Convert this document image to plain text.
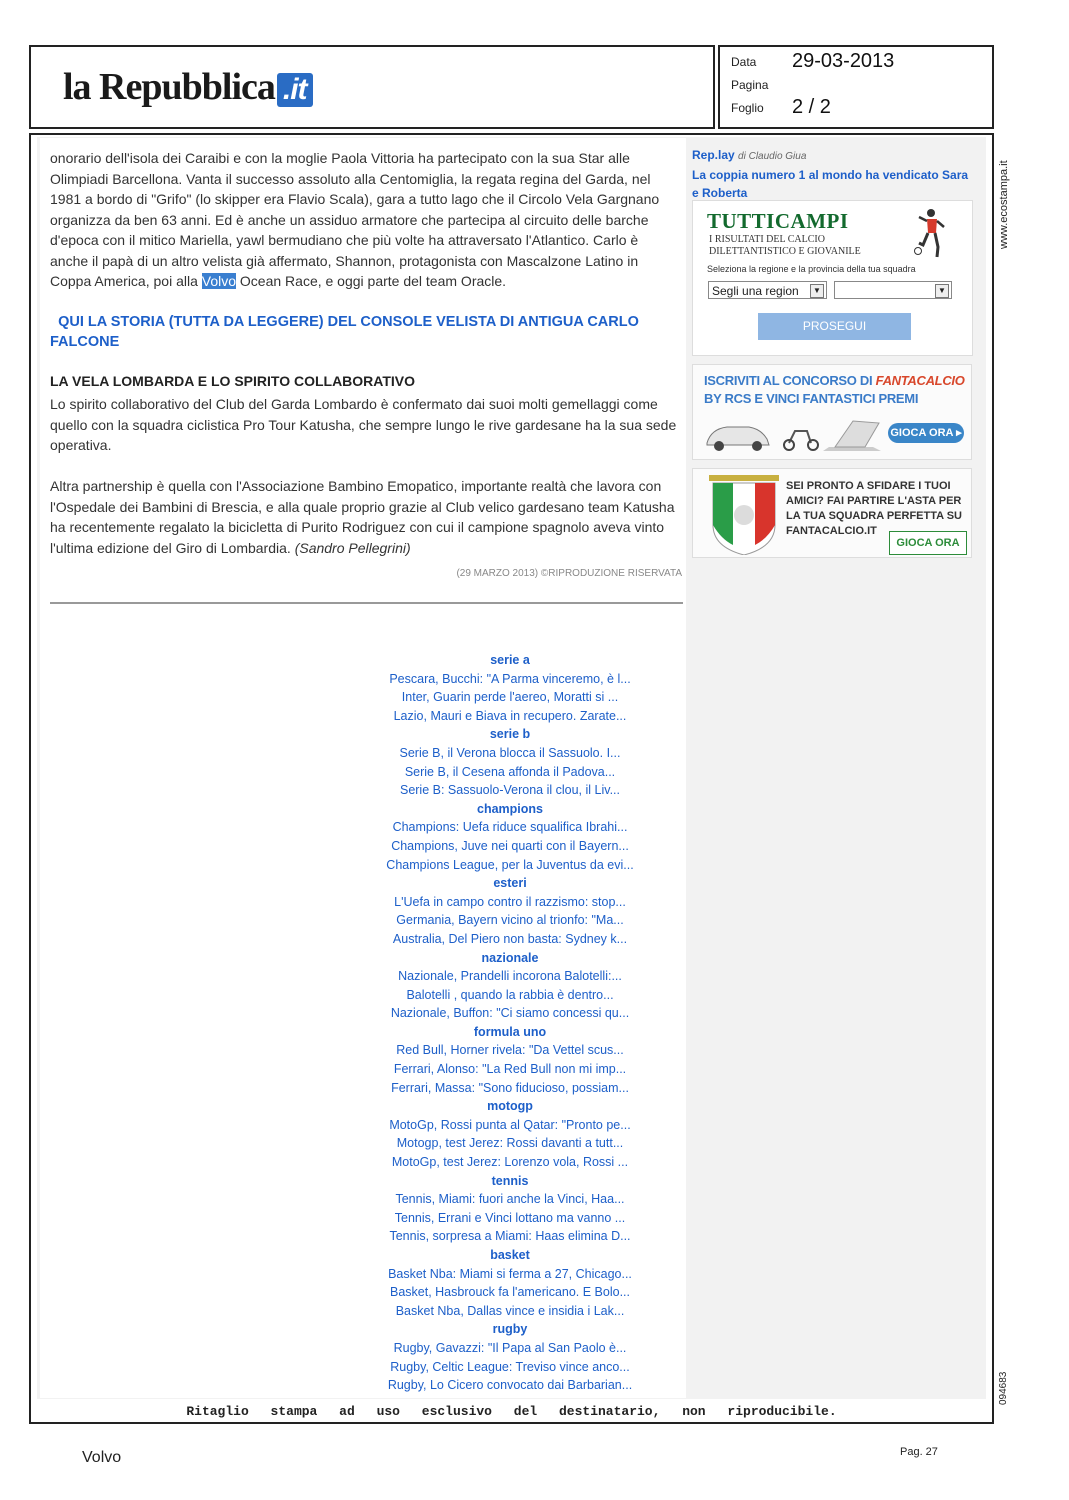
la Repubblica .it
Data 29-03-2013
Pagina
Foglio 2 / 2

onorario dell'isola dei Caraibi e con la moglie Paola Vittoria ha partecipato con la sua Star alle Olimpiadi Barcellona. Vanta il successo assoluto alla Centomiglia, la regata regina del Garda, nel 1981 a bordo di "Grifo" (lo skipper era Flavio Scala), gara a tutto lago che il Circolo Vela Gargnano organizza da ben 63 anni. Ed è anche un assiduo armatore che partecipa al circuito delle barche d'epoca con il mitico Mariella, yawl bermudiano che più volte ha attraversato l'Atlantico. Carlo è anche il papà di un altro velista già affermato, Shannon, protagonista con Mascalzone Latino in Coppa America, poi alla Volvo Ocean Race, e oggi parte del team Oracle.

QUI LA STORIA (TUTTA DA LEGGERE) DEL CONSOLE VELISTA DI ANTIGUA CARLO FALCONE

LA VELA LOMBARDA E LO SPIRITO COLLABORATIVO

Lo spirito collaborativo del Club del Garda Lombardo è confermato dai suoi molti gemellaggi come quello con la squadra ciclistica Pro Tour Katusha, che sempre lungo le rive gardesane ha la sua sede operativa.

Altra partnership è quella con l'Associazione Bambino Emopatico, importante realtà che lavora con l'Ospedale dei Bambini di Brescia, e alla quale proprio grazie al Club velico gardesano team Katusha ha recentemente regalato la bicicletta di Purito Rodriguez con cui il campione spagnolo aveva vinto l'ultima edizione del Giro di Lombardia. (Sandro Pellegrini)

(29 MARZO 2013) ©RIPRODUZIONE RISERVATA
Rep.lay di Claudio Giua
La coppia numero 1 al mondo ha vendicato Sara e Roberta
TUTTICAMPI
I RISULTATI DEL CALCIO DILETTANTISTICO E GIOVANILE
Seleziona la regione e la provincia della tua squadra
Segli una region	▼	▼
PROSEGUI
ISCRIVITI AL CONCORSO DI FANTACALCIO
BY RCS E VINCI FANTASTICI PREMI
GIOCA ORA ▸
SEI PRONTO A SFIDARE I TUOI AMICI? FAI PARTIRE L'ASTA PER LA TUA SQUADRA PERFETTA SU FANTACALCIO.IT
GIOCA ORA
serie a
Pescara, Bucchi: "A Parma vinceremo, è l...
Inter, Guarin perde l'aereo, Moratti si ...
Lazio, Mauri e Biava in recupero. Zarate...
serie b
Serie B, il Verona blocca il Sassuolo. I...
Serie B, il Cesena affonda il Padova...
Serie B: Sassuolo-Verona il clou, il Liv...
champions
Champions: Uefa riduce squalifica Ibrahi...
Champions, Juve nei quarti con il Bayern...
Champions League, per la Juventus da evi...
esteri
L'Uefa in campo contro il razzismo: stop...
Germania, Bayern vicino al trionfo: "Ma...
Australia, Del Piero non basta: Sydney k...
nazionale
Nazionale, Prandelli incorona Balotelli:...
Balotelli , quando la rabbia è dentro...
Nazionale, Buffon: "Ci siamo concessi qu...
formula uno
Red Bull, Horner rivela: "Da Vettel scus...
Ferrari, Alonso: "La Red Bull non mi imp...
Ferrari, Massa: "Sono fiducioso, possiam...
motogp
MotoGp, Rossi punta al Qatar: "Pronto pe...
Motogp, test Jerez: Rossi davanti a tutt...
MotoGp, test Jerez: Lorenzo vola, Rossi ...
tennis
Tennis, Miami: fuori anche la Vinci, Haa...
Tennis, Errani e Vinci lottano ma vanno ...
Tennis, sorpresa a Miami: Haas elimina D...
basket
Basket Nba: Miami si ferma a 27, Chicago...
Basket, Hasbrouck fa l'americano. E Bolo...
Basket Nba, Dallas vince e insidia i Lak...
rugby
Rugby, Gavazzi: "Il Papa al San Paolo è...
Rugby, Celtic League: Treviso vince anco...
Rugby, Lo Cicero convocato dai Barbarian...
Ritaglio stampa ad uso esclusivo del destinatario, non riproducibile.
www.ecostampa.it
094683
Volvo	Pag. 27
